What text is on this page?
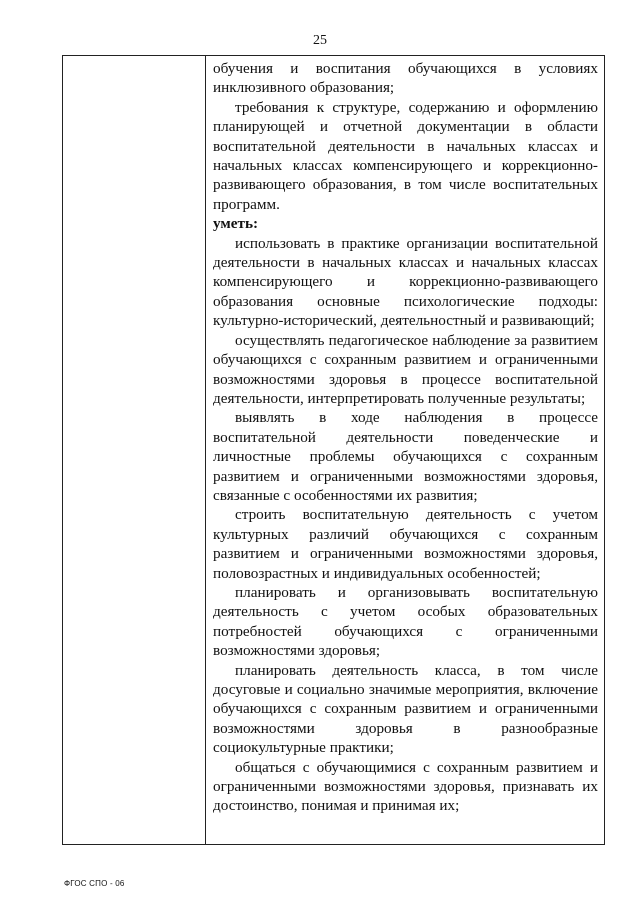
25

обучения и воспитания обучающихся в условиях инклюзивного образования;

требования к структуре, содержанию и оформлению планирующей и отчетной документации в области воспитательной деятельности в начальных классах и начальных классах компенсирующего и коррекционно-развивающего образования, в том числе воспитательных программ.

уметь:

использовать в практике организации воспитательной деятельности в начальных классах и начальных классах компенсирующего и коррекционно-развивающего образования основные психологические подходы: культурно-исторический, деятельностный и развивающий;

осуществлять педагогическое наблюдение за развитием обучающихся с сохранным развитием и ограниченными возможностями здоровья в процессе воспитательной деятельности, интерпретировать полученные результаты;

выявлять в ходе наблюдения в процессе воспитательной деятельности поведенческие и личностные проблемы обучающихся с сохранным развитием и ограниченными возможностями здоровья, связанные с особенностями их развития;

строить воспитательную деятельность с учетом культурных различий обучающихся с сохранным развитием и ограниченными возможностями здоровья, половозрастных и индивидуальных особенностей;

планировать и организовывать воспитательную деятельность с учетом особых образовательных потребностей обучающихся с ограниченными возможностями здоровья;

планировать деятельность класса, в том числе досуговые и социально значимые мероприятия, включение обучающихся с сохранным развитием и ограниченными возможностями здоровья в разнообразные социокультурные практики;

общаться с обучающимися с сохранным развитием и ограниченными возможностями здоровья, признавать их достоинство, понимая и принимая их;

ФГОС СПО - 06
